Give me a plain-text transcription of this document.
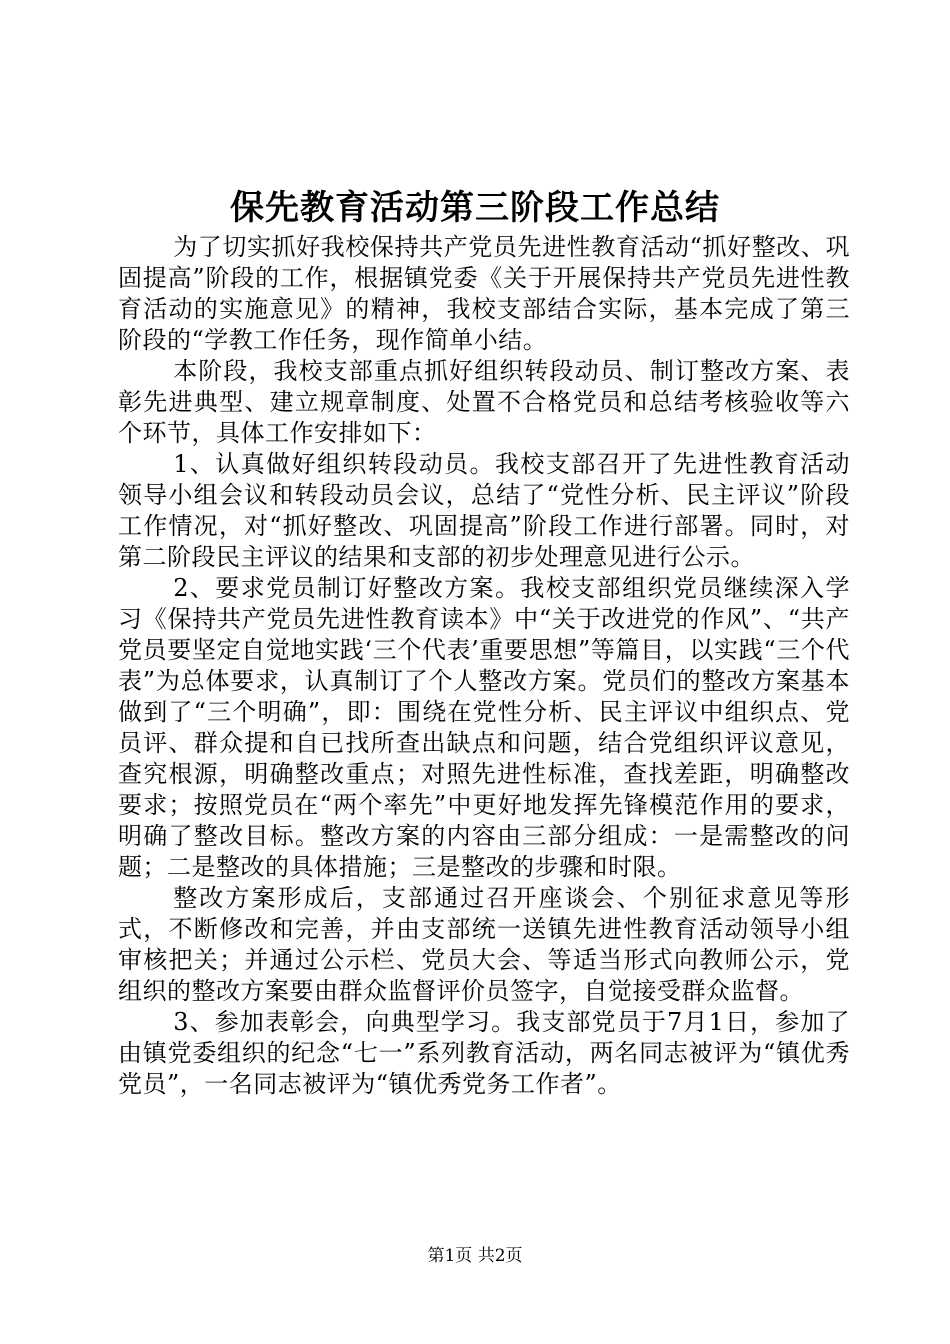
保先教育活动第三阶段工作总结

为了切实抓好我校保持共产党员先进性教育活动“抓好整改、巩固提高”阶段的工作，根据镇党委《关于开展保持共产党员先进性教育活动的实施意见》的精神，我校支部结合实际，基本完成了第三阶段的“学教工作任务，现作简单小结。

本阶段，我校支部重点抓好组织转段动员、制订整改方案、表彰先进典型、建立规章制度、处置不合格党员和总结考核验收等六个环节，具体工作安排如下：

1、认真做好组织转段动员。我校支部召开了先进性教育活动领导小组会议和转段动员会议，总结了“党性分析、民主评议”阶段工作情况，对“抓好整改、巩固提高”阶段工作进行部署。同时，对第二阶段民主评议的结果和支部的初步处理意见进行公示。

2、要求党员制订好整改方案。我校支部组织党员继续深入学习《保持共产党员先进性教育读本》中“关于改进党的作风”、“共产党员要坚定自觉地实践‘三个代表’重要思想”等篇目，以实践“三个代表”为总体要求，认真制订了个人整改方案。党员们的整改方案基本做到了“三个明确”，即：围绕在党性分析、民主评议中组织点、党员评、群众提和自已找所查出缺点和问题，结合党组织评议意见，查究根源，明确整改重点；对照先进性标准，查找差距，明确整改要求；按照党员在“两个率先”中更好地发挥先锋模范作用的要求，明确了整改目标。整改方案的内容由三部分组成：一是需整改的问题；二是整改的具体措施；三是整改的步骤和时限。

整改方案形成后，支部通过召开座谈会、个别征求意见等形式，不断修改和完善，并由支部统一送镇先进性教育活动领导小组审核把关；并通过公示栏、党员大会、等适当形式向教师公示，党组织的整改方案要由群众监督评价员签字，自觉接受群众监督。

3、参加表彰会，向典型学习。我支部党员于7月1日，参加了由镇党委组织的纪念“七一”系列教育活动，两名同志被评为“镇优秀党员”，一名同志被评为“镇优秀党务工作者”。

第1页 共2页
